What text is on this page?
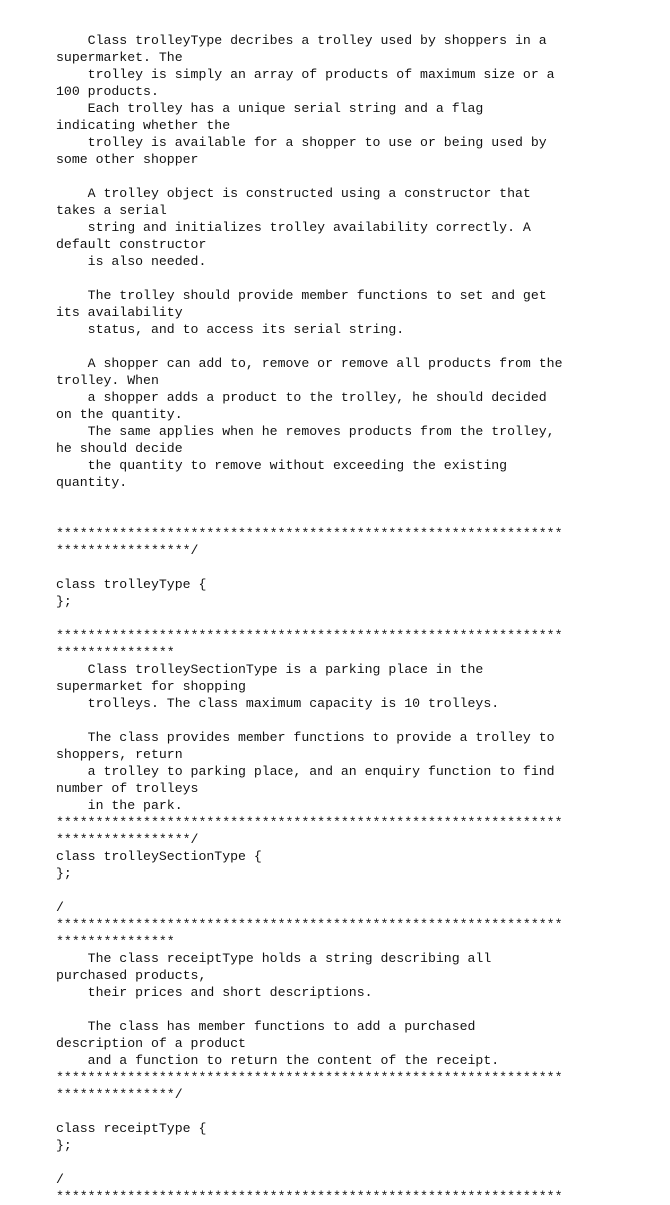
Class trolleyType decribes a trolley used by shoppers in a
supermarket. The
trolley is simply an array of products of maximum size or a
100 products.
Each trolley has a unique serial string and a flag
indicating whether the
trolley is available for a shopper to use or being used by
some other shopper
A trolley object is constructed using a constructor that
takes a serial
string and initializes trolley availability correctly. A
default constructor
is also needed.
The trolley should provide member functions to set and get
its availability
status, and to access its serial string.
A shopper can add to, remove or remove all products from the
trolley. When
a shopper adds a product to the trolley, he should decided
on the quantity.
The same applies when he removes products from the trolley,
he should decide
the quantity to remove without exceeding the existing
quantity.
****************************************************************
*****************/
class trolleyType {
};
****************************************************************
***************
Class trolleySectionType is a parking place in the
supermarket for shopping
trolleys. The class maximum capacity is 10 trolleys.
The class provides member functions to provide a trolley to
shoppers, return
a trolley to parking place, and an enquiry function to find
number of trolleys
in the park.
****************************************************************
*****************/
class trolleySectionType {
};
/
****************************************************************
***************
The class receiptType holds a string describing all
purchased products,
their prices and short descriptions.
The class has member functions to add a purchased
description of a product
and a function to return the content of the receipt.
****************************************************************
***************/
class receiptType {
};
/
****************************************************************
